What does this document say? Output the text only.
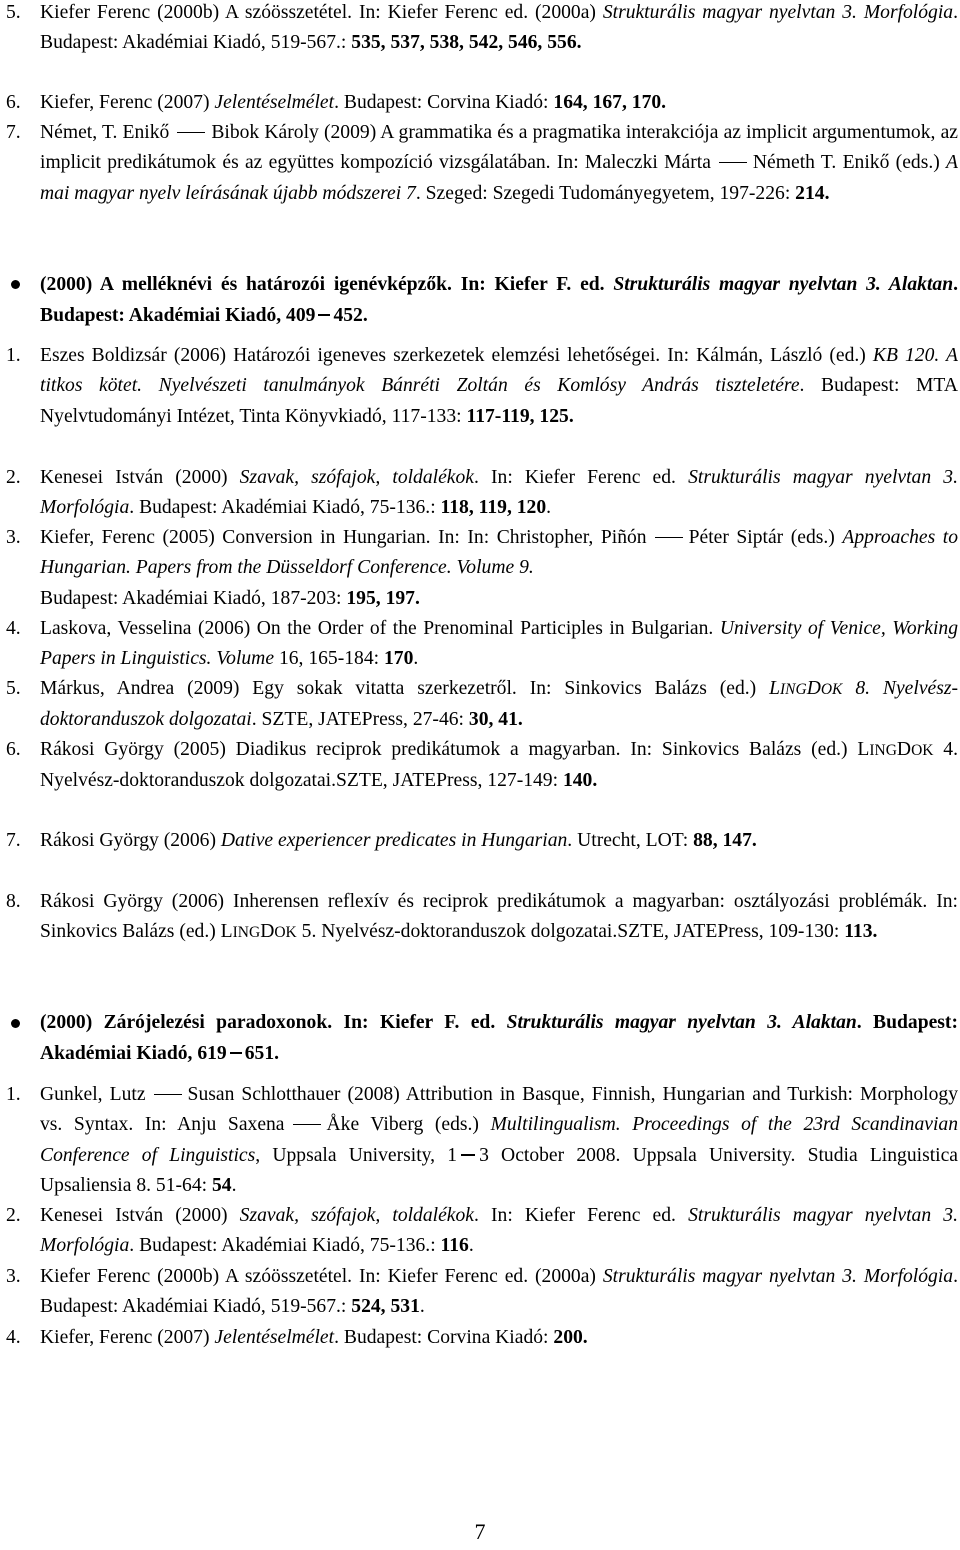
5. Kiefer Ferenc (2000b) A szóösszetétel. In: Kiefer Ferenc ed. (2000a) Strukturális magyar nyelvtan 3. Morfológia. Budapest: Akadémiai Kiadó, 519-567.: 535, 537, 538, 542, 546, 556.
6. Kiefer, Ferenc (2007) Jelentéselmélet. Budapest: Corvina Kiadó: 164, 167, 170.
7. Német, T. Enikő Bibok Károly (2009) A grammatika és a pragmatika interakciója az implicit argumentumok, az implicit predikátumok és az együttes kompozíció vizsgálatában. In: Maleczki Márta Németh T. Enikő (eds.) A mai magyar nyelv leírásának újabb módszerei 7. Szeged: Szegedi Tudományegyetem, 197-226: 214.
(2000) A melléknévi és határozói igenévképzők. In: Kiefer F. ed. Strukturális magyar nyelvtan 3. Alaktan. Budapest: Akadémiai Kiadó, 409 452.
1. Eszes Boldizsár (2006) Határozói igeneves szerkezetek elemzési lehetőségei. In: Kálmán, László (ed.) KB 120. A titkos kötet. Nyelvészeti tanulmányok Bánréti Zoltán és Komlósy András tiszteletére. Budapest: MTA Nyelvtudományi Intézet, Tinta Könyvkiadó, 117-133: 117-119, 125.
2. Kenesei István (2000) Szavak, szófajok, toldalékok. In: Kiefer Ferenc ed. Strukturális magyar nyelvtan 3. Morfológia. Budapest: Akadémiai Kiadó, 75-136.: 118, 119, 120.
3. Kiefer, Ferenc (2005) Conversion in Hungarian. In: In: Christopher, Piñón Péter Siptár (eds.) Approaches to Hungarian. Papers from the Düsseldorf Conference. Volume 9.
Budapest: Akadémiai Kiadó, 187-203: 195, 197.
4. Laskova, Vesselina (2006) On the Order of the Prenominal Participles in Bulgarian. University of Venice, Working Papers in Linguistics. Volume 16, 165-184: 170.
5. Márkus, Andrea (2009) Egy sokak vitatta szerkezetről. In: Sinkovics Balázs (ed.) LINGDOK 8. Nyelvész-doktoranduszok dolgozatai. SZTE, JATEPress, 27-46: 30, 41.
6. Rákosi György (2005) Diadikus reciprok predikátumok a magyarban. In: Sinkovics Balázs (ed.) LINGDOK 4. Nyelvész-doktoranduszok dolgozatai.SZTE, JATEPress, 127-149: 140.
7. Rákosi György (2006) Dative experiencer predicates in Hungarian. Utrecht, LOT: 88, 147.
8. Rákosi György (2006) Inherensen reflexív és reciprok predikátumok a magyarban: osztályozási problémák. In: Sinkovics Balázs (ed.) LINGDOK 5. Nyelvész-doktoranduszok dolgozatai.SZTE, JATEPress, 109-130: 113.
(2000) Zárójelezési paradoxonok. In: Kiefer F. ed. Strukturális magyar nyelvtan 3. Alaktan. Budapest: Akadémiai Kiadó, 619 651.
1. Gunkel, Lutz Susan Schlotthauer (2008) Attribution in Basque, Finnish, Hungarian and Turkish: Morphology vs. Syntax. In: Anju Saxena Åke Viberg (eds.) Multilingualism. Proceedings of the 23rd Scandinavian Conference of Linguistics, Uppsala University, 1 3 October 2008. Uppsala University. Studia Linguistica Upsaliensia 8. 51-64: 54.
2. Kenesei István (2000) Szavak, szófajok, toldalékok. In: Kiefer Ferenc ed. Strukturális magyar nyelvtan 3. Morfológia. Budapest: Akadémiai Kiadó, 75-136.: 116.
3. Kiefer Ferenc (2000b) A szóösszetétel. In: Kiefer Ferenc ed. (2000a) Strukturális magyar nyelvtan 3. Morfológia. Budapest: Akadémiai Kiadó, 519-567.: 524, 531.
4. Kiefer, Ferenc (2007) Jelentéselmélet. Budapest: Corvina Kiadó: 200.
7
